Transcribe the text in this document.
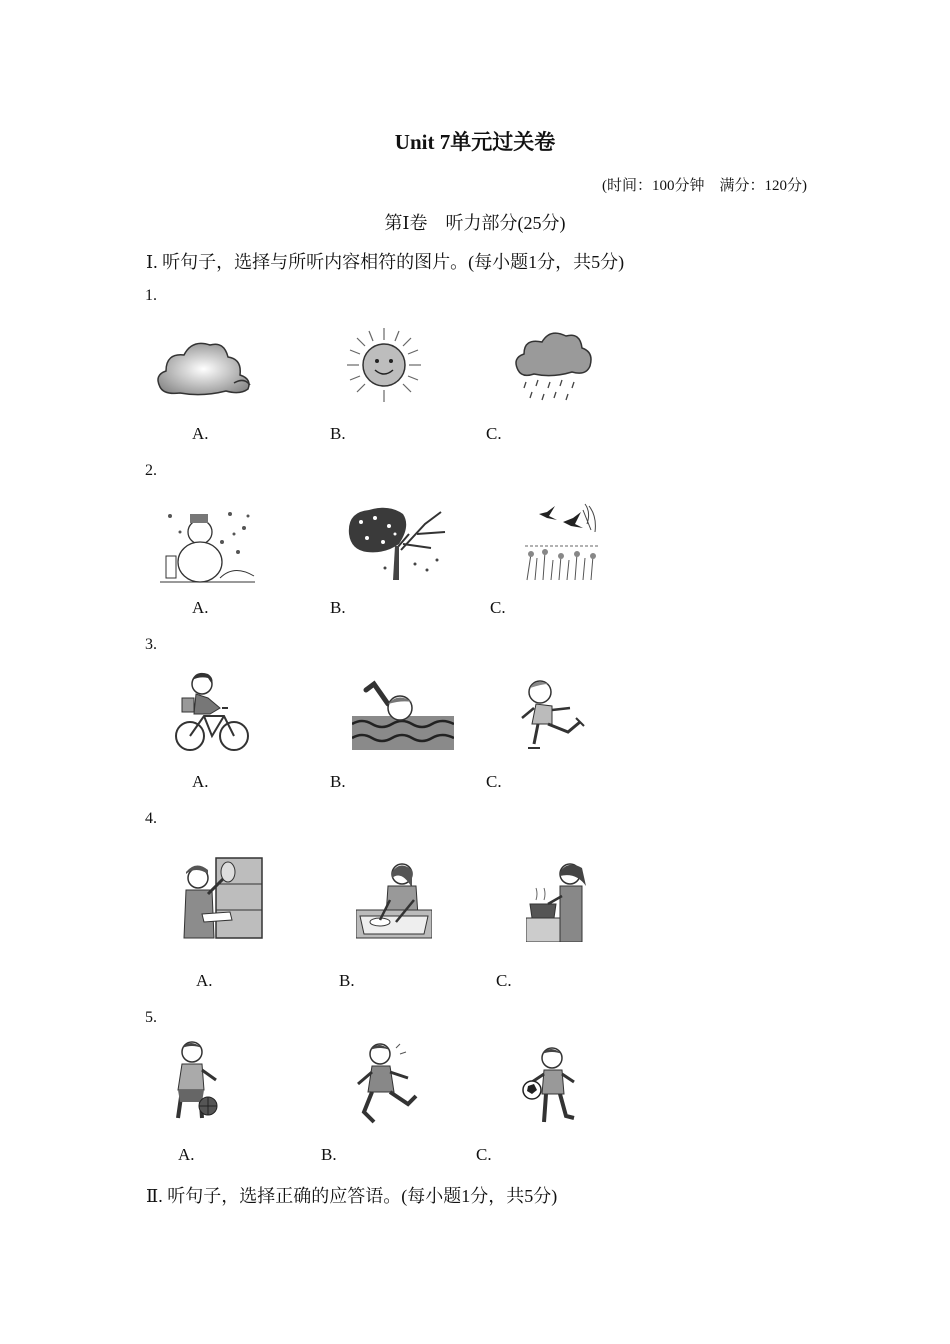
Unit 7单元过关卷
(时间：100分钟　满分：120分)
第Ⅰ卷　听力部分(25分)
Ⅰ. 听句子，选择与所听内容相符的图片。(每小题1分，共5分)
1.
A.	B.	C.
2.
A.	B.	C.
3.
A.	B.	C.
4.
A.	B.	C.
5.
A.	B.	C.
Ⅱ. 听句子，选择正确的应答语。(每小题1分，共5分)
